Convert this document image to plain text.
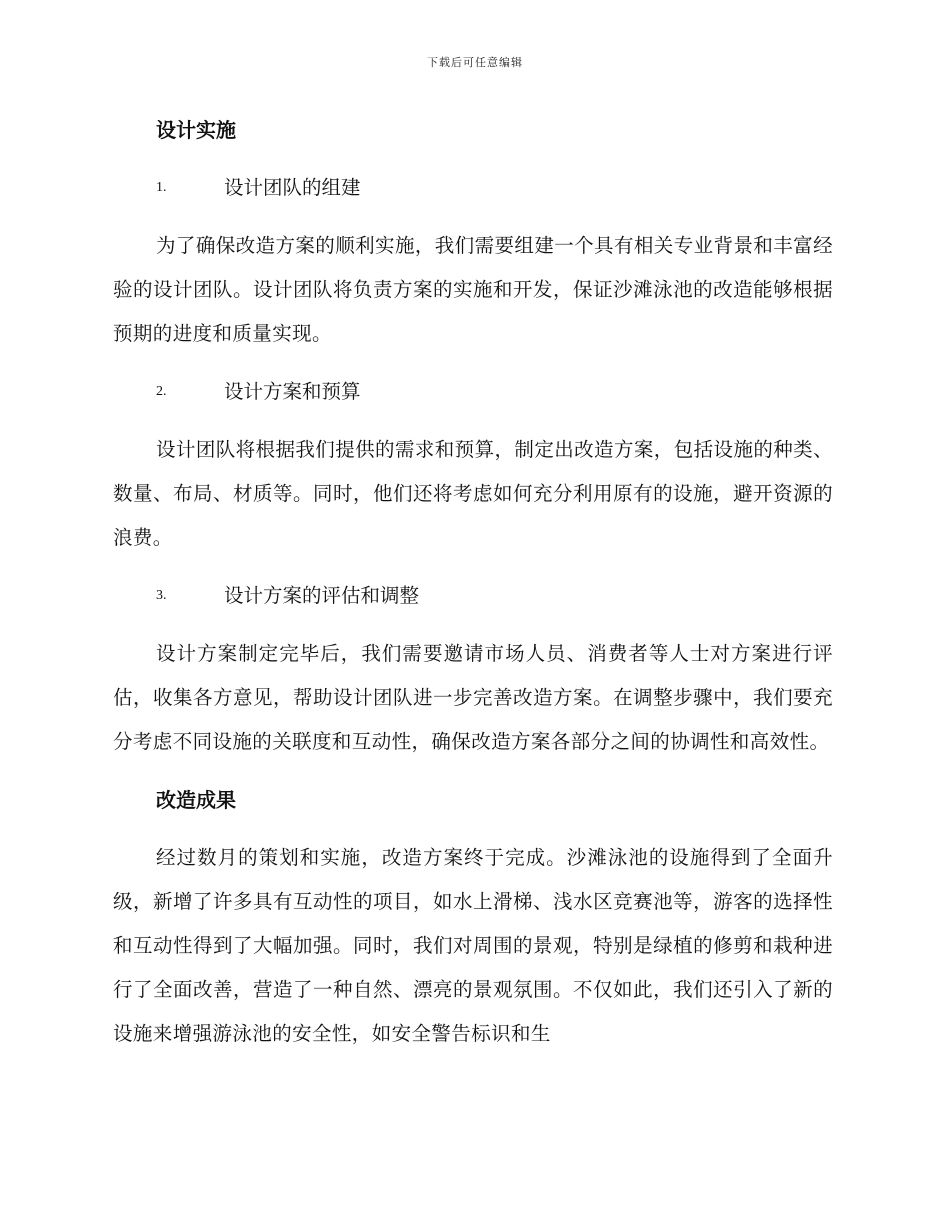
下载后可任意编辑
设计实施
1.	设计团队的组建

为了确保改造方案的顺利实施，我们需要组建一个具有相关专业背景和丰富经验的设计团队。设计团队将负责方案的实施和开发，保证沙滩泳池的改造能够根据预期的进度和质量实现。

2.	设计方案和预算

设计团队将根据我们提供的需求和预算，制定出改造方案，包括设施的种类、数量、布局、材质等。同时，他们还将考虑如何充分利用原有的设施，避开资源的浪费。

3.	设计方案的评估和调整

设计方案制定完毕后，我们需要邀请市场人员、消费者等人士对方案进行评估，收集各方意见，帮助设计团队进一步完善改造方案。在调整步骤中，我们要充分考虑不同设施的关联度和互动性，确保改造方案各部分之间的协调性和高效性。

改造成果

经过数月的策划和实施，改造方案终于完成。沙滩泳池的设施得到了全面升级，新增了许多具有互动性的项目，如水上滑梯、浅水区竞赛池等，游客的选择性和互动性得到了大幅加强。同时，我们对周围的景观，特别是绿植的修剪和栽种进行了全面改善，营造了一种自然、漂亮的景观氛围。不仅如此，我们还引入了新的设施来增强游泳池的安全性，如安全警告标识和生
